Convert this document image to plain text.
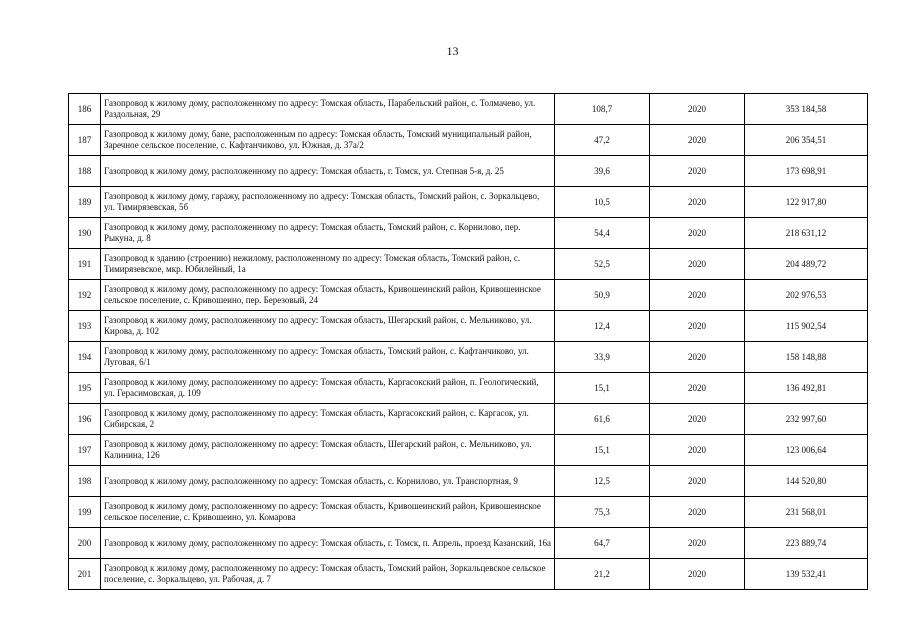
13
186	Газопровод к жилому дому, расположенному по адресу: Томская область, Парабельский район, с. Толмачево, ул. Раздольная, 29	108,7	2020	353 184,58
187	Газопровод к жилому дому, бане, расположенным по адресу: Томская область, Томский муниципальный район, Заречное сельское поселение, с. Кафтанчиково, ул. Южная, д. 37а/2	47,2	2020	206 354,51
188	Газопровод к жилому дому, расположенному по адресу: Томская область, г. Томск, ул. Степная 5-я, д. 25	39,6	2020	173 698,91
189	Газопровод к жилому дому, гаражу, расположенному по адресу: Томская область, Томский район, с. Зоркальцево, ул. Тимирязевская, 5б	10,5	2020	122 917,80
190	Газопровод к жилому дому, расположенному по адресу: Томская область, Томский район, с. Корнилово, пер. Рыкуна, д. 8	54,4	2020	218 631,12
191	Газопровод к зданию (строению) нежилому, расположенному по адресу: Томская область, Томский район, с. Тимирязевское, мкр. Юбилейный, 1а	52,5	2020	204 489,72
192	Газопровод к жилому дому, расположенному по адресу: Томская область, Кривошеинский район, Кривошеинское сельское поселение, с. Кривошеино, пер. Березовый, 24	50,9	2020	202 976,53
193	Газопровод к жилому дому, расположенному по адресу: Томская область, Шегарский район, с. Мельниково, ул. Кирова, д. 102	12,4	2020	115 902,54
194	Газопровод к жилому дому, расположенному по адресу: Томская область, Томский район, с. Кафтанчиково, ул. Луговая, 6/1	33,9	2020	158 148,88
195	Газопровод к жилому дому, расположенному по адресу: Томская область, Каргасокский район, п. Геологический, ул. Герасимовская, д. 109	15,1	2020	136 492,81
196	Газопровод к жилому дому, расположенному по адресу: Томская область, Каргасокский район, с. Каргасок, ул. Сибирская, 2	61,6	2020	232 997,60
197	Газопровод к жилому дому, расположенному по адресу: Томская область, Шегарский район, с. Мельниково, ул. Калинина, 126	15,1	2020	123 006,64
198	Газопровод к жилому дому, расположенному по адресу: Томская область, с. Корнилово, ул. Транспортная, 9	12,5	2020	144 520,80
199	Газопровод к жилому дому, расположенному по адресу: Томская область, Кривошеинский район, Кривошеинское сельское поселение, с. Кривошеино, ул. Комарова	75,3	2020	231 568,01
200	Газопровод к жилому дому, расположенному по адресу: Томская область, г. Томск, п. Апрель, проезд Казанский, 16а	64,7	2020	223 889,74
201	Газопровод к жилому дому, расположенному по адресу: Томская область, Томский район, Зоркальцевское сельское поселение, с. Зоркальцево, ул. Рабочая, д. 7	21,2	2020	139 532,41
